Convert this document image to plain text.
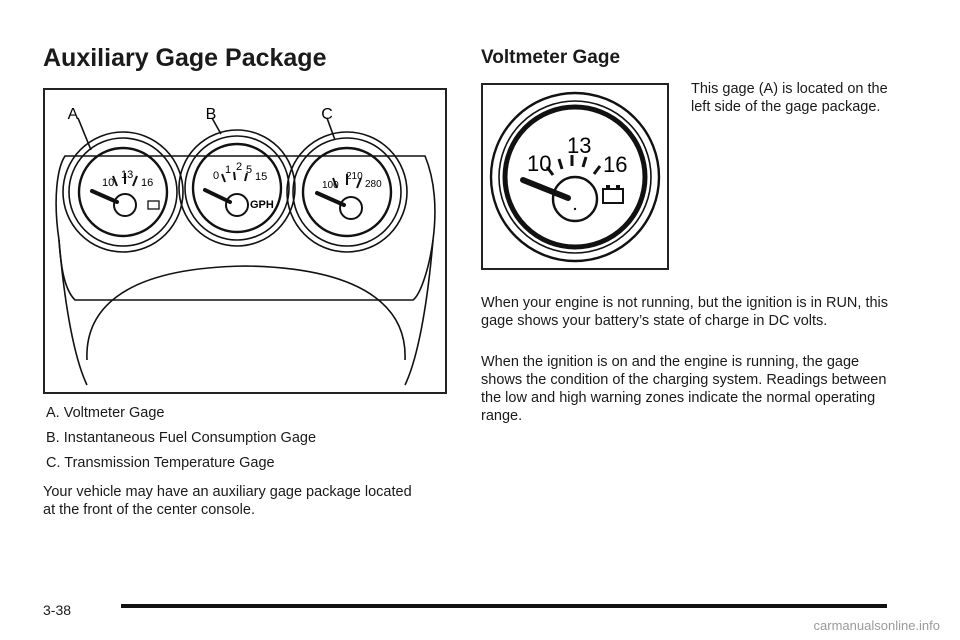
Auxiliary Gage Package
A	B	C
10
13
16
0 1 2 5
15
GPH
100
210
280
A. Voltmeter Gage
B. Instantaneous Fuel Consumption Gage
C. Transmission Temperature Gage
Your vehicle may have an auxiliary gage package located at the front of the center console.
Voltmeter Gage
10
13
16
This gage (A) is located on the left side of the gage package.
When your engine is not running, but the ignition is in RUN, this gage shows your battery’s state of charge in DC volts.
When the ignition is on and the engine is running, the gage shows the condition of the charging system. Readings between the low and high warning zones indicate the normal operating range.
3-38
carmanualsonline.info
